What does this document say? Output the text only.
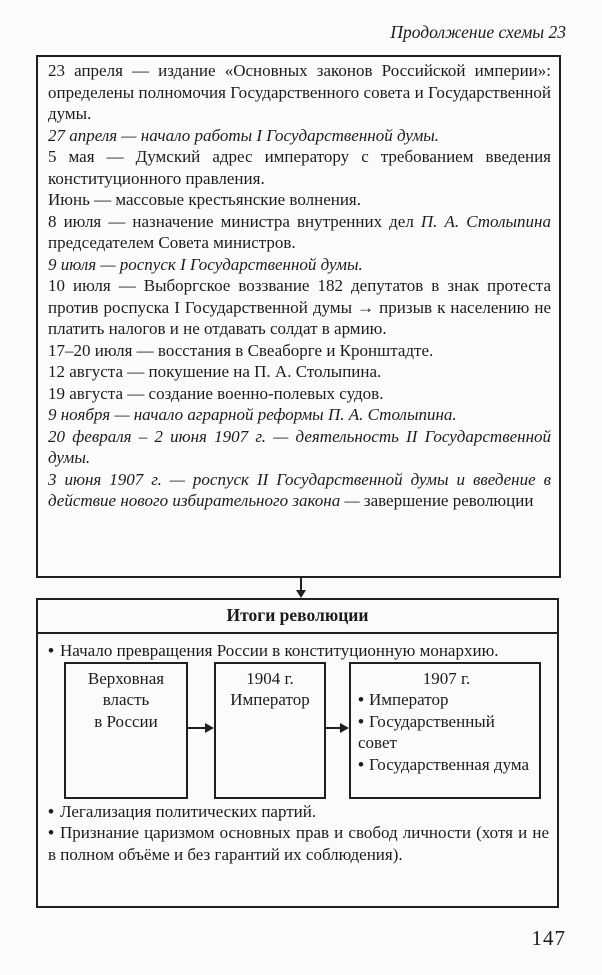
Продолжение схемы 23
23 апреля — издание «Основных законов Российской империи»: определены полномочия Государственного совета и Государственной думы.
27 апреля — начало работы I Государственной думы.
5 мая — Думский адрес императору с требованием введения конституционного правления.
Июнь — массовые крестьянские волнения.
8 июля — назначение министра внутренних дел П. А. Столыпина председателем Совета министров.
9 июля — роспуск I Государственной думы.
10 июля — Выборгское воззвание 182 депутатов в знак протеста против роспуска I Государственной думы → призыв к населению не платить налогов и не отдавать солдат в армию.
17–20 июля — восстания в Свеаборге и Кронштадте.
12 августа — покушение на П. А. Столыпина.
19 августа — создание военно-полевых судов.
9 ноября — начало аграрной реформы П. А. Столыпина.
20 февраля – 2 июня 1907 г. — деятельность II Государственной думы.
3 июня 1907 г. — роспуск II Государственной думы и введение в действие нового избирательного закона — завершение революции
Итоги революции
• Начало превращения России в конституционную монархию.
Верховная
власть
в России
1904 г.
Император
1907 г.
• Император
• Государственный совет
• Государственная дума
• Легализация политических партий.
• Признание царизмом основных прав и свобод личности (хотя и не в полном объёме и без гарантий их соблюдения).
147
